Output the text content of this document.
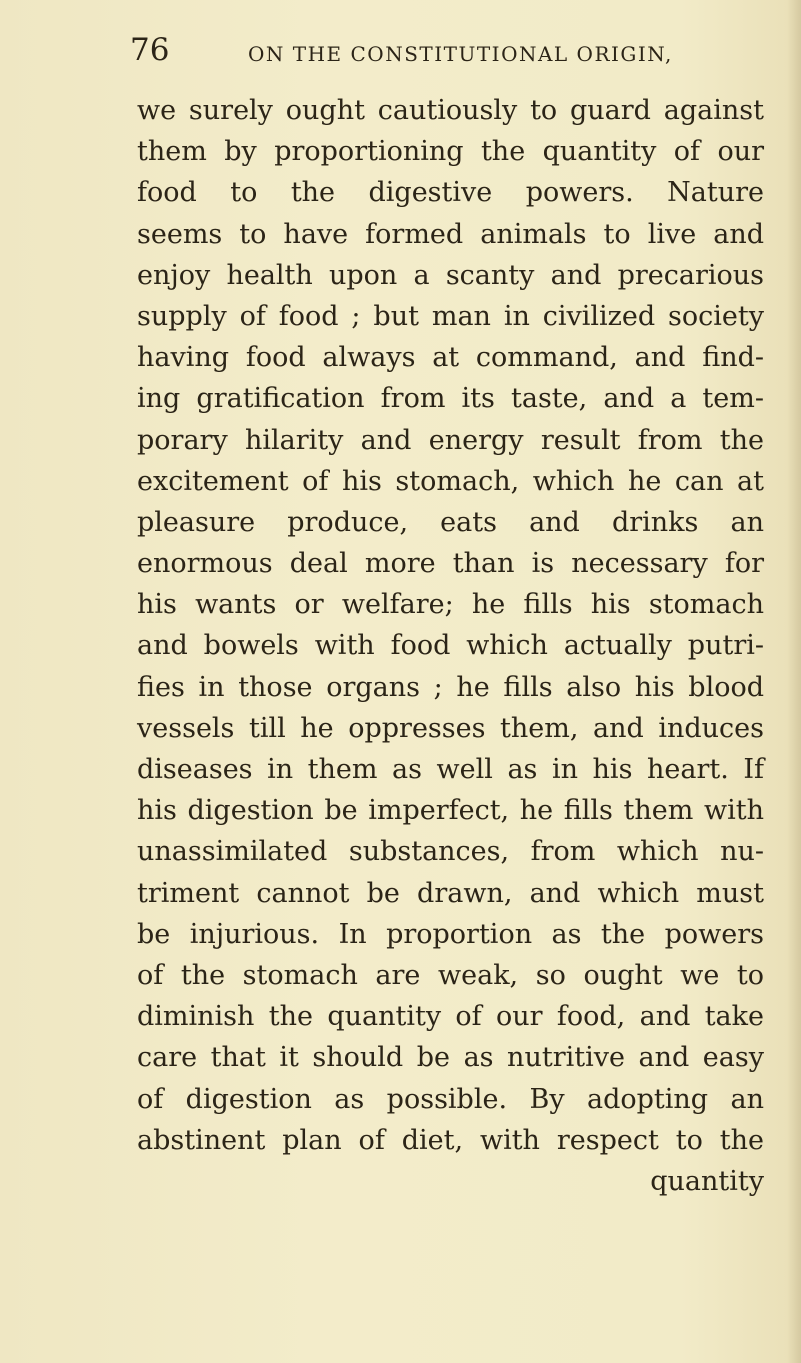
76	ON THE CONSTITUTIONAL ORIGIN,
we surely ought cautiously to guard against
them by proportioning the quantity of our
food to the digestive powers. Nature
seems to have formed animals to live and
enjoy health upon a scanty and precarious
supply of food ; but man in civilized society
having food always at command, and find-
ing gratification from its taste, and a tem-
porary hilarity and energy result from the
excitement of his stomach, which he can at
pleasure produce, eats and drinks an
enormous deal more than is necessary for
his wants or welfare; he fills his stomach
and bowels with food which actually putri-
fies in those organs ; he fills also his blood
vessels till he oppresses them, and induces
diseases in them as well as in his heart. If
his digestion be imperfect, he fills them with
unassimilated substances, from which nu-
triment cannot be drawn, and which must
be injurious. In proportion as the powers
of the stomach are weak, so ought we to
diminish the quantity of our food, and take
care that it should be as nutritive and easy
of digestion as possible. By adopting an
abstinent plan of diet, with respect to the
quantity
